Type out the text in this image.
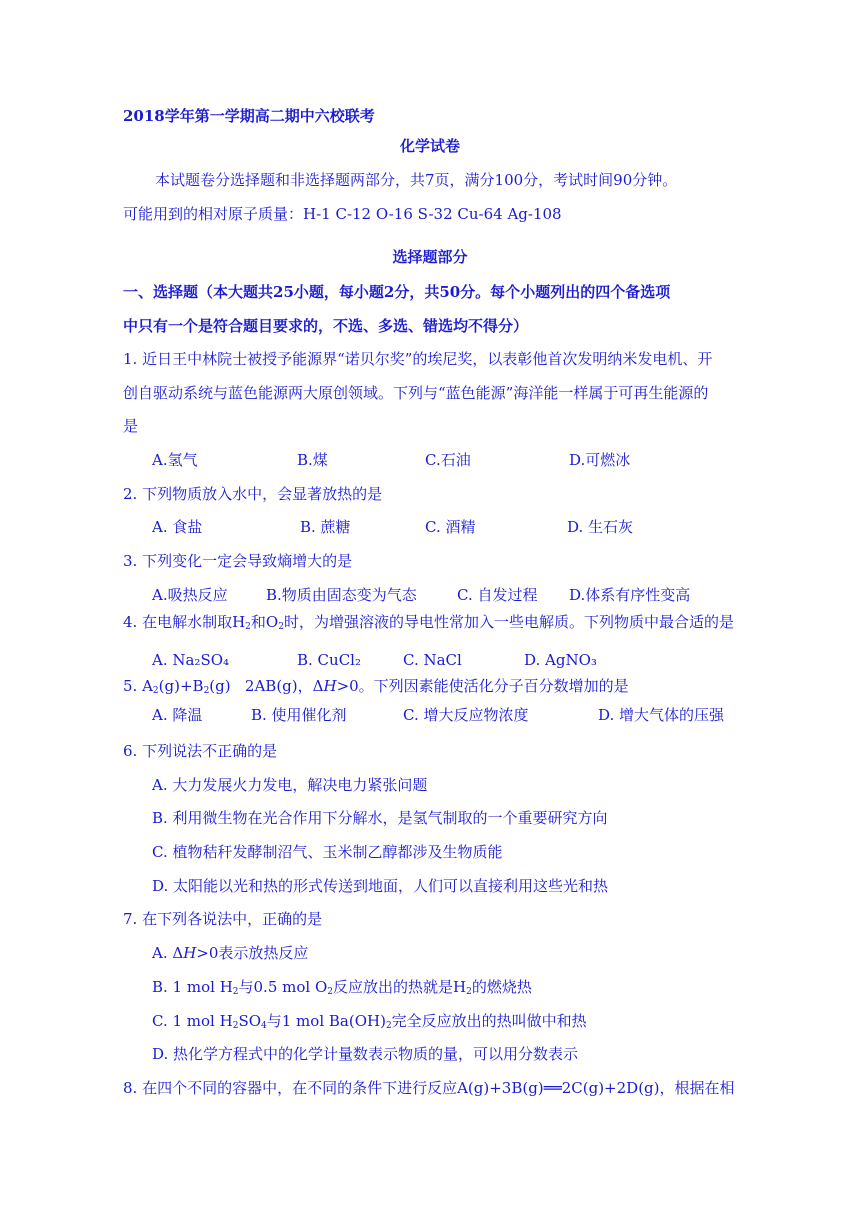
2018学年第一学期高二期中六校联考
化学试卷
本试题卷分选择题和非选择题两部分，共7页，满分100分，考试时间90分钟。
可能用到的相对原子质量：H-1 C-12 O-16 S-32 Cu-64 Ag-108
选择题部分
一、选择题（本大题共25小题，每小题2分，共50分。每个小题列出的四个备选项
中只有一个是符合题目要求的，不选、多选、错选均不得分）
1. 近日王中林院士被授予能源界“诺贝尔奖”的埃尼奖，以表彰他首次发明纳米发电机、开
创自驱动系统与蓝色能源两大原创领域。下列与“蓝色能源”海洋能一样属于可再生能源的
是
A.氢气	B.煤	C.石油	D.可燃冰
2. 下列物质放入水中，会显著放热的是
A. 食盐	B. 蔗糖	C. 酒精	D. 生石灰
3. 下列变化一定会导致熵增大的是
A.吸热反应	B.物质由固态变为气态	C. 自发过程 D.体系有序性变高
4. 在电解水制取$H_2$和$O_2$时，为增强溶液的导电性常加入一些电解质。下列物质中最合适的是
A. Na₂SO₄	B. CuCl₂	C. NaCl	D. AgNO₃
5. $A_2(g)+B_2(g)$ 2AB(g)，ΔH>0。下列因素能使活化分子百分数增加的是
A. 降温	B. 使用催化剂	C. 增大反应物浓度	D. 增大气体的压强
6. 下列说法不正确的是
A. 大力发展火力发电，解决电力紧张问题
B. 利用微生物在光合作用下分解水，是氢气制取的一个重要研究方向
C. 植物秸秆发酵制沼气、玉米制乙醇都涉及生物质能
D. 太阳能以光和热的形式传送到地面，人们可以直接利用这些光和热
7. 在下列各说法中，正确的是
A. ΔH>0表示放热反应
B. 1 mol $H_2$与0.5 mol $O_2$反应放出的热就是$H_2$的燃烧热
C. 1 mol $H_2SO_4$与1 mol $Ba(OH)_2$完全反应放出的热叫做中和热
D. 热化学方程式中的化学计量数表示物质的量，可以用分数表示
8. 在四个不同的容器中，在不同的条件下进行反应A(g)+3B(g)══2C(g)+2D(g)，根据在相
